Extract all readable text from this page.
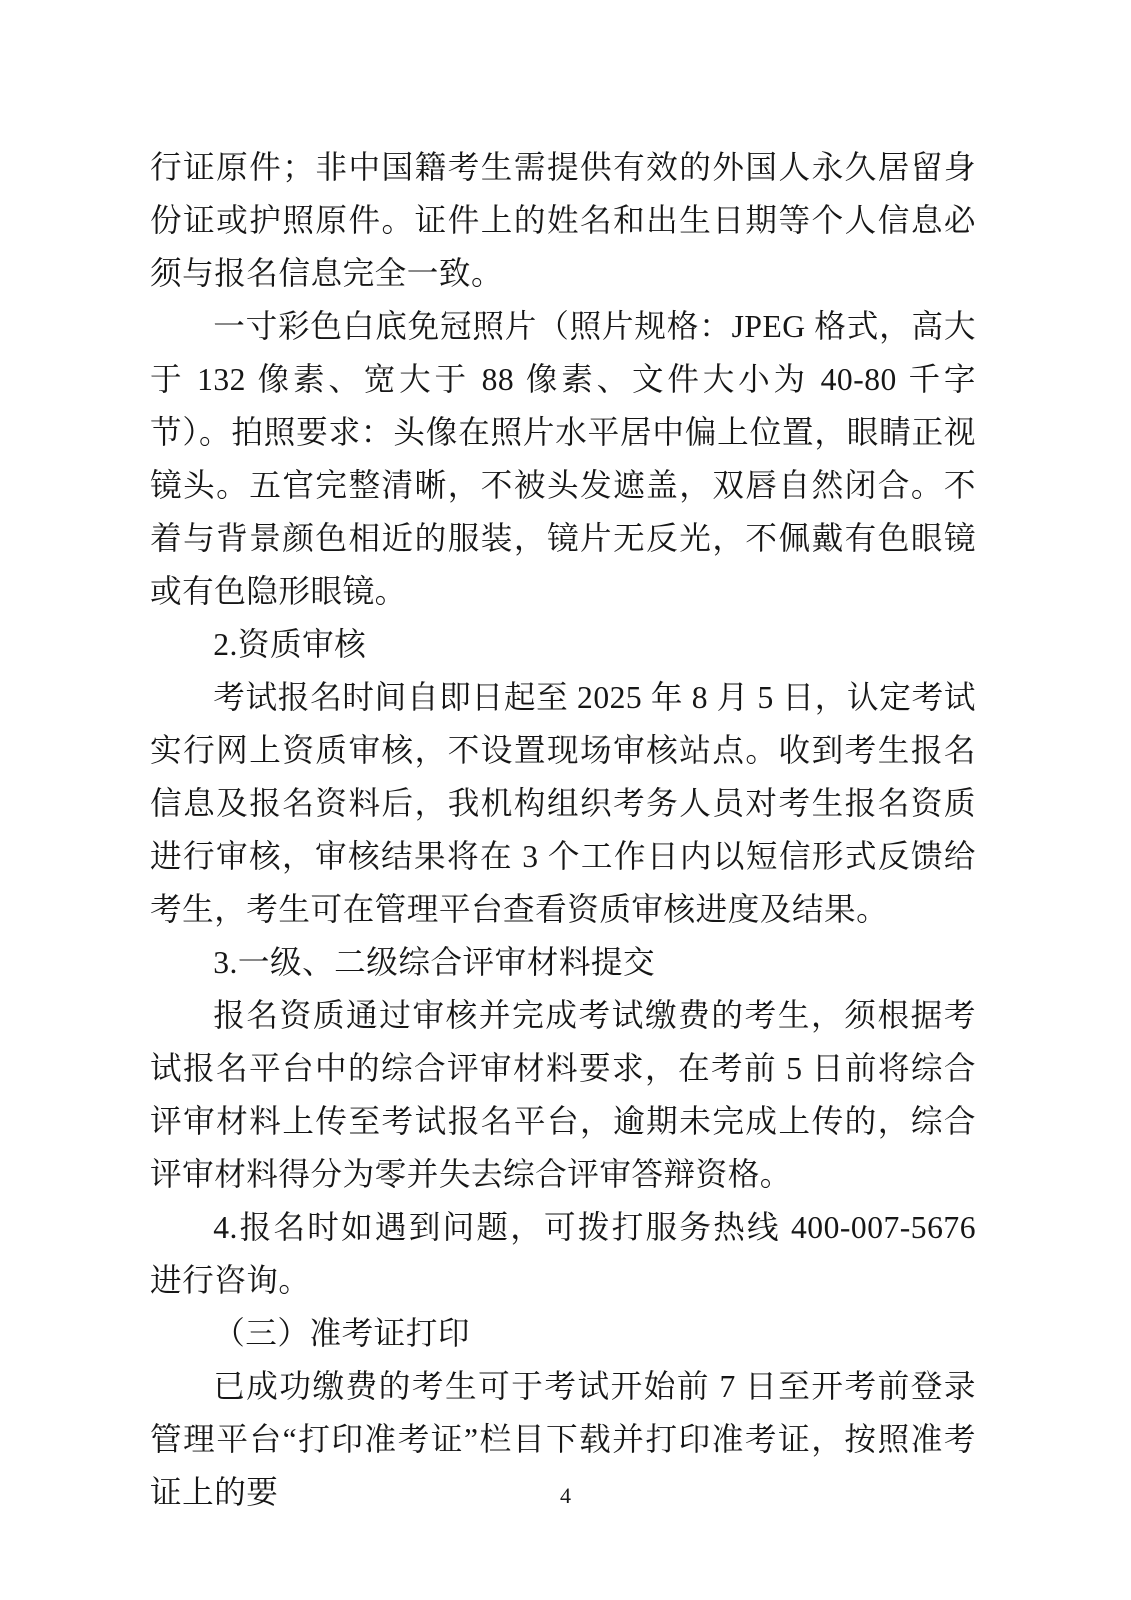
行证原件；非中国籍考生需提供有效的外国人永久居留身份证或护照原件。证件上的姓名和出生日期等个人信息必须与报名信息完全一致。

一寸彩色白底免冠照片（照片规格：JPEG 格式，高大于 132 像素、宽大于 88 像素、文件大小为 40-80 千字节）。拍照要求：头像在照片水平居中偏上位置，眼睛正视镜头。五官完整清晰，不被头发遮盖，双唇自然闭合。不着与背景颜色相近的服装，镜片无反光，不佩戴有色眼镜或有色隐形眼镜。

2.资质审核

考试报名时间自即日起至 2025 年 8 月 5 日，认定考试实行网上资质审核，不设置现场审核站点。收到考生报名信息及报名资料后，我机构组织考务人员对考生报名资质进行审核，审核结果将在 3 个工作日内以短信形式反馈给考生，考生可在管理平台查看资质审核进度及结果。

3.一级、二级综合评审材料提交

报名资质通过审核并完成考试缴费的考生，须根据考试报名平台中的综合评审材料要求，在考前 5 日前将综合评审材料上传至考试报名平台，逾期未完成上传的，综合评审材料得分为零并失去综合评审答辩资格。

4.报名时如遇到问题，可拨打服务热线 400-007-5676 进行咨询。

（三）准考证打印

已成功缴费的考生可于考试开始前 7 日至开考前登录管理平台“打印准考证”栏目下载并打印准考证，按照准考证上的要	4
